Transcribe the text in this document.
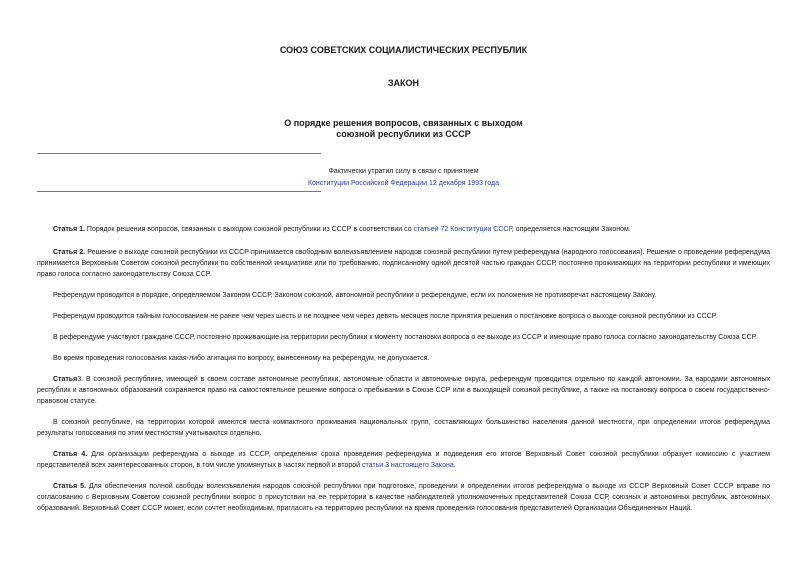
СОЮЗ СОВЕТСКИХ СОЦИАЛИСТИЧЕСКИХ РЕСПУБЛИК
ЗАКОН
О порядке решения вопросов, связанных с выходом
союзной республики из СССР
Фактически утратил силу в связи с принятием
Конституции Российской Федерации 12 декабря 1993 года

Статья 1. Порядок решения вопросов, связанных с выходом союзной республики из СССР в соответствии со статьей 72 Конституции СССР, определяется настоящим Законом.

Статья 2. Решение о выходе союзной республики из СССР принимается свободным волеизъявлением народов союзной республики путем референдума (народного голосования). Решение о проведении референдума принимается Верховным Советом союзной республики по собственной инициативе или по требованию, подписанному одной десятой частью граждан СССР, постоянно проживающих на территории республики и имеющих право голоса согласно законодательству Союза ССР.

Референдум проводится в порядке, определяемом Законом СССР, Законом союзной, автономной республики о референдуме, если их положения не противоречат настоящему Закону.

Референдум проводится тайным голосованием не ранее чем через шесть и не позднее чем через девять месяцев после принятия решения о постановке вопроса о выходе союзной республики из СССР.

В референдуме участвуют граждане СССР, постоянно проживающие на территории республики к моменту постановки вопроса о ее выходе из СССР и имеющие право голоса согласно законодательству Союза ССР.

Во время проведения голосования какая-либо агитация по вопросу, вынесенному на референдум, не допускается.

Статья3. В союзной республике, имеющей в своем составе автономные республики, автономные области и автономные округа, референдум проводится отдельно по каждой автономии. За народами автономных республик и автономных образований сохраняется право на самостоятельное решение вопроса о пребывании в Союзе ССР или в выходящей союзной республике, а также на постановку вопроса о своем государственно-правовом статусе.

В союзной республике, на территории которой имеются места компактного проживания национальных групп, составляющих большинство населения данной местности, при определении итогов референдума результаты голосования по этим местностям учитываются отдельно.

Статья 4. Для организации референдума о выходе из СССР, определения срока проведения референдума и подведения его итогов Верховный Совет союзной республики образует комиссию с участием представителей всех заинтересованных сторон, в том числе упомянутых в частях первой и второй статьи 3 настоящего Закона.

Статья 5. Для обеспечения полной свободы волеизъявления народов союзной республики при подготовке, проведении и определении итогов референдума о выходе из СССР Верховный Совет СССР вправе по согласованию с Верховным Советом союзной республики вопрос о присутствии на ее территории в качестве наблюдателей уполномоченных представителей Союза ССР, союзных и автономных республик, автономных образований. Верховный Совет СССР может, если сочтет необходимым, пригласить на территорию республики на время проведения голосования представителей Организации Объединенных Наций.
